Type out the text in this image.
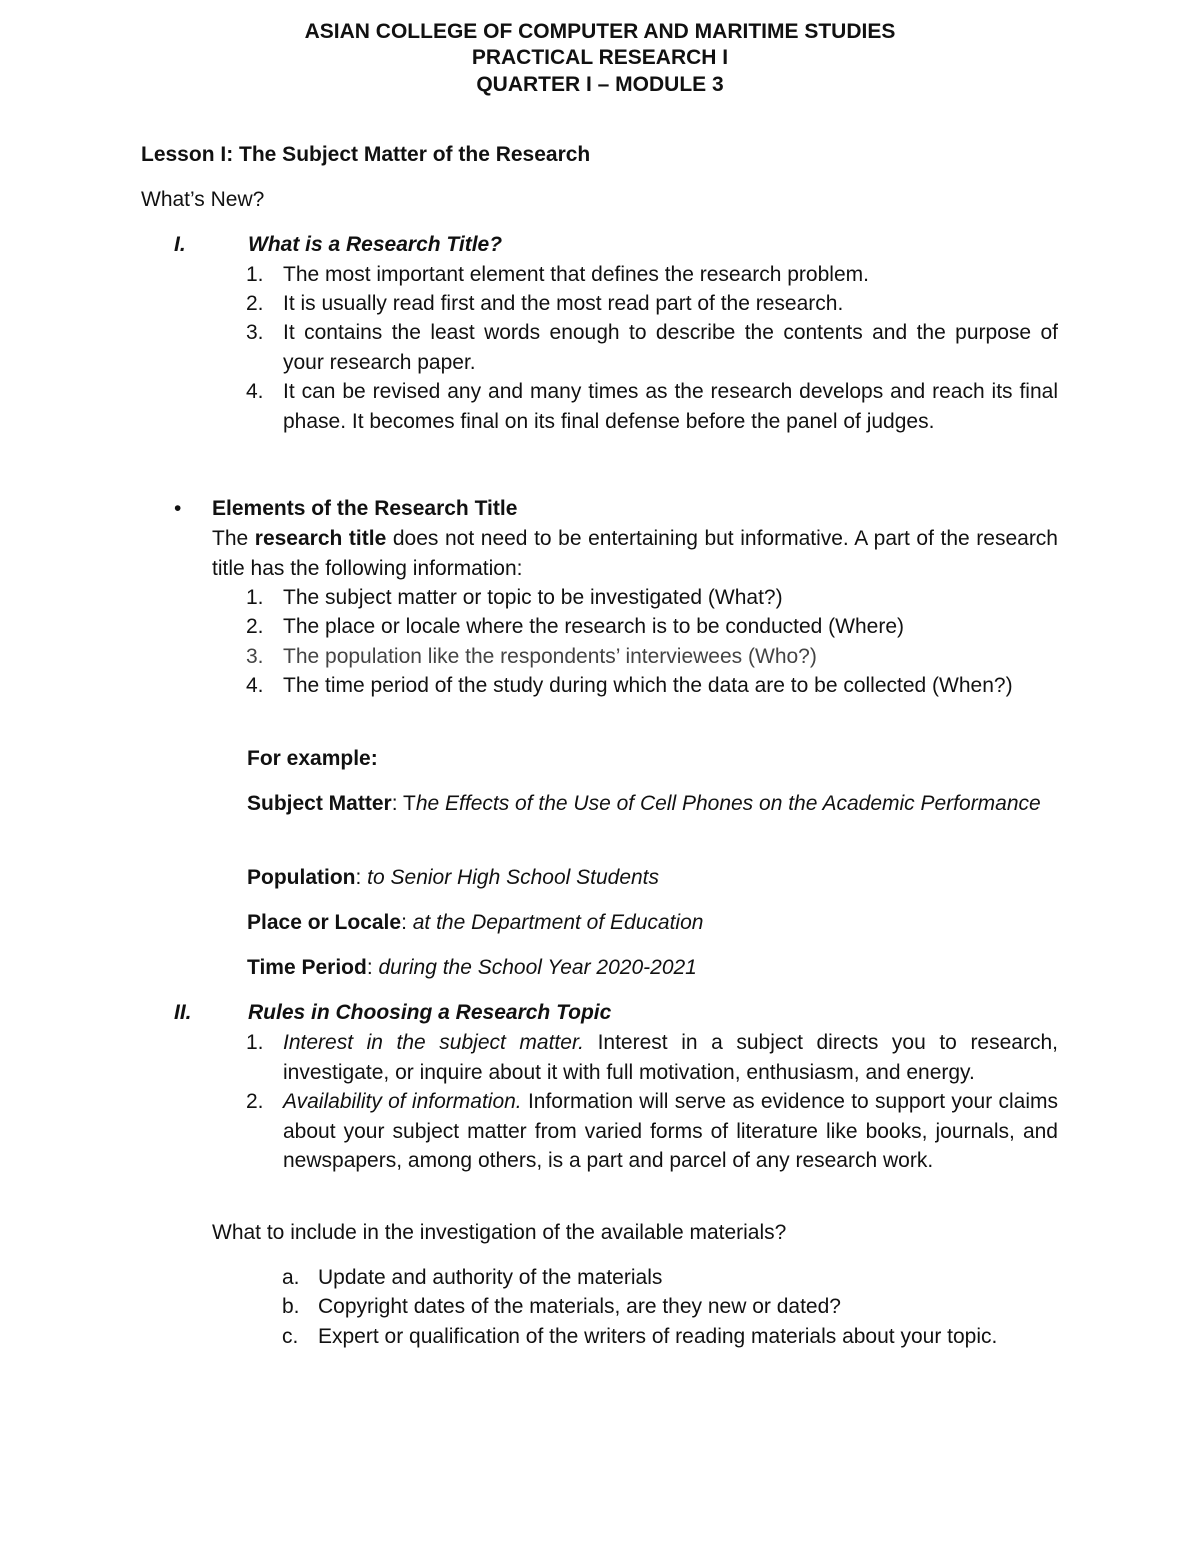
ASIAN COLLEGE OF COMPUTER AND MARITIME STUDIES
PRACTICAL RESEARCH I
QUARTER I – MODULE 3
Lesson I: The Subject Matter of the Research
What’s New?
I.	What is a Research Title?
1. The most important element that defines the research problem.
2. It is usually read first and the most read part of the research.
3. It contains the least words enough to describe the contents and the purpose of your research paper.
4. It can be revised any and many times as the research develops and reach its final phase. It becomes final on its final defense before the panel of judges.
• Elements of the Research Title
The research title does not need to be entertaining but informative. A part of the research title has the following information:
1. The subject matter or topic to be investigated (What?)
2. The place or locale where the research is to be conducted (Where)
3. The population like the respondents’ interviewees (Who?)
4. The time period of the study during which the data are to be collected (When?)
For example:
Subject Matter: The Effects of the Use of Cell Phones on the Academic Performance
Population: to Senior High School Students
Place or Locale: at the Department of Education
Time Period: during the School Year 2020-2021
II.	Rules in Choosing a Research Topic
1. Interest in the subject matter. Interest in a subject directs you to research, investigate, or inquire about it with full motivation, enthusiasm, and energy.
2. Availability of information. Information will serve as evidence to support your claims about your subject matter from varied forms of literature like books, journals, and newspapers, among others, is a part and parcel of any research work.
What to include in the investigation of the available materials?
a. Update and authority of the materials
b. Copyright dates of the materials, are they new or dated?
c. Expert or qualification of the writers of reading materials about your topic.
